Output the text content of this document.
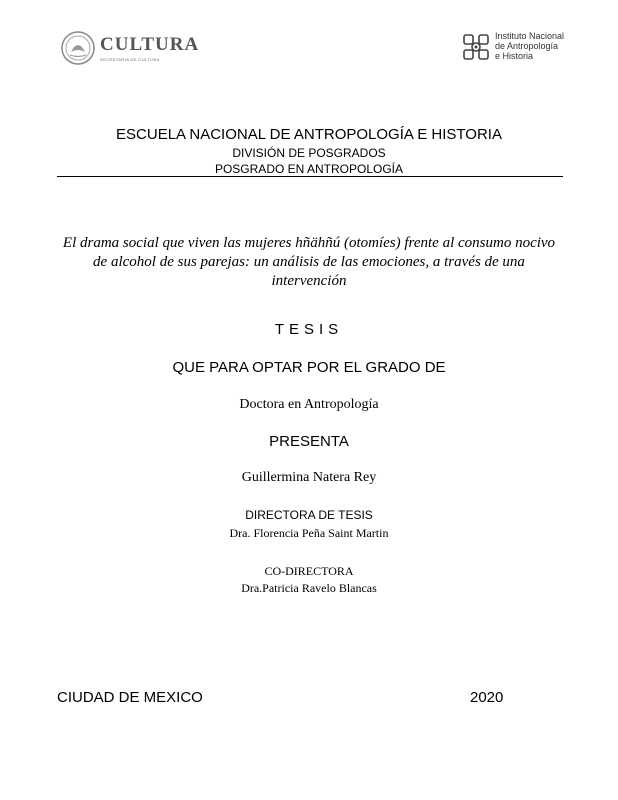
CULTURA
SECRETARÍA DE CULTURA
Instituto Nacional
de Antropología
e Historia
ESCUELA NACIONAL DE ANTROPOLOGÍA E HISTORIA
DIVISIÓN DE POSGRADOS
POSGRADO EN ANTROPOLOGÍA
El drama social que viven las mujeres hñähñú (otomíes) frente al consumo nocivo de alcohol de sus parejas: un análisis de las emociones, a través de una intervención
TESIS
QUE PARA OPTAR POR EL GRADO DE
Doctora en Antropología
PRESENTA
Guillermina Natera Rey
DIRECTORA DE TESIS
Dra. Florencia Peña Saint Martin
CO-DIRECTORA
Dra.Patricia Ravelo Blancas
CIUDAD DE MEXICO	2020
